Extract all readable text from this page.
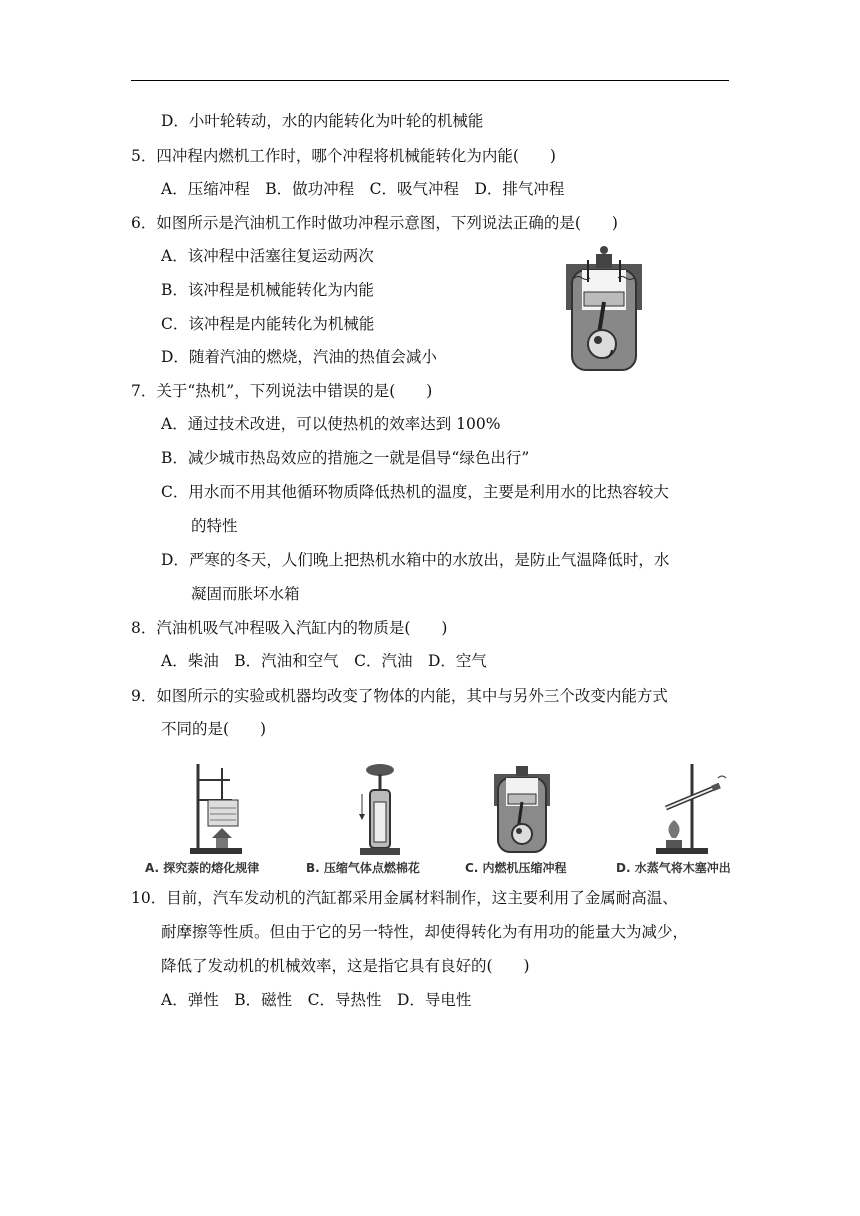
D．小叶轮转动，水的内能转化为叶轮的机械能
5．四冲程内燃机工作时，哪个冲程将机械能转化为内能(　　)
A．压缩冲程　B．做功冲程　C．吸气冲程　D．排气冲程
6．如图所示是汽油机工作时做功冲程示意图，下列说法正确的是(　　)
A．该冲程中活塞往复运动两次
B．该冲程是机械能转化为内能
C．该冲程是内能转化为机械能
D．随着汽油的燃烧，汽油的热值会减小
7．关于“热机”，下列说法中错误的是(　　)
A．通过技术改进，可以使热机的效率达到 100%
B．减少城市热岛效应的措施之一就是倡导“绿色出行”
C．用水而不用其他循环物质降低热机的温度，主要是利用水的比热容较大
的特性
D．严寒的冬天，人们晚上把热机水箱中的水放出，是防止气温降低时，水
凝固而胀坏水箱
8．汽油机吸气冲程吸入汽缸内的物质是(　　)
A．柴油　B．汽油和空气　C．汽油　D．空气
9．如图所示的实验或机器均改变了物体的内能，其中与另外三个改变内能方式
不同的是(　　)
A. 探究萘的熔化规律	B. 压缩气体点燃棉花	C. 内燃机压缩冲程	D. 水蒸气将木塞冲出
10．目前，汽车发动机的汽缸都采用金属材料制作，这主要利用了金属耐高温、
耐摩擦等性质。但由于它的另一特性，却使得转化为有用功的能量大为减少，
降低了发动机的机械效率，这是指它具有良好的(　　)
A．弹性　B．磁性　C．导热性　D．导电性
